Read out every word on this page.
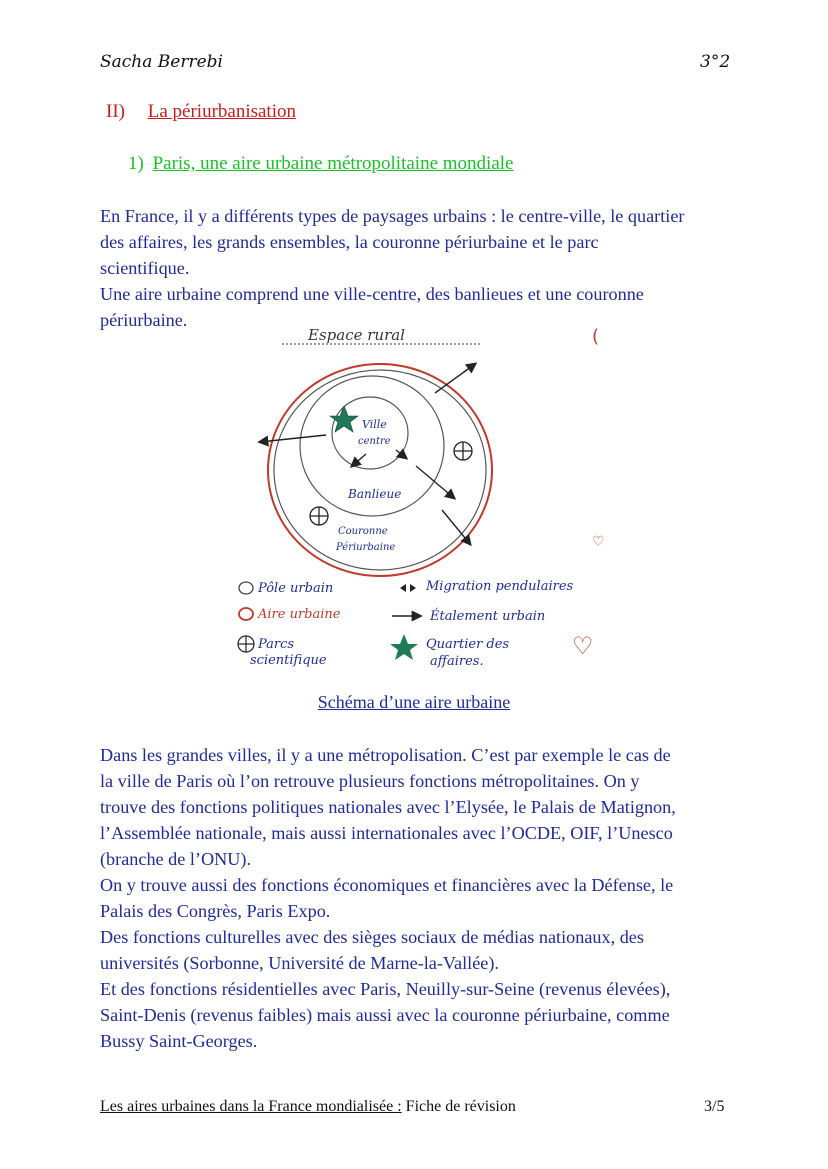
Sacha Berrebi	3°2
II) La périurbanisation
1) Paris, une aire urbaine métropolitaine mondiale

En France, il y a différents types de paysages urbains : le centre-ville, le quartier

des affaires, les grands ensembles, la couronne périurbaine et le parc

scientifique.

Une aire urbaine comprend une ville-centre, des banlieues et une couronne

périurbaine.

Espace rural
Ville
centre
Banlieue
Couronne
Périurbaine
(
♡
♡
Pôle urbain
Aire urbaine
Parcs
scientifique
Migration pendulaires
Étalement urbain
Quartier des
affaires.
Schéma d’une aire urbaine

Dans les grandes villes, il y a une métropolisation. C’est par exemple le cas de

la ville de Paris où l’on retrouve plusieurs fonctions métropolitaines. On y

trouve des fonctions politiques nationales avec l’Elysée, le Palais de Matignon,

l’Assemblée nationale, mais aussi internationales avec l’OCDE, OIF, l’Unesco

(branche de l’ONU).

On y trouve aussi des fonctions économiques et financières avec la Défense, le

Palais des Congrès, Paris Expo.

Des fonctions culturelles avec des sièges sociaux de médias nationaux, des

universités (Sorbonne, Université de Marne-la-Vallée).

Et des fonctions résidentielles avec Paris, Neuilly-sur-Seine (revenus élevées),

Saint-Denis (revenus faibles) mais aussi avec la couronne périurbaine, comme

Bussy Saint-Georges.

Les aires urbaines dans la France mondialisée : Fiche de révision	3/5
